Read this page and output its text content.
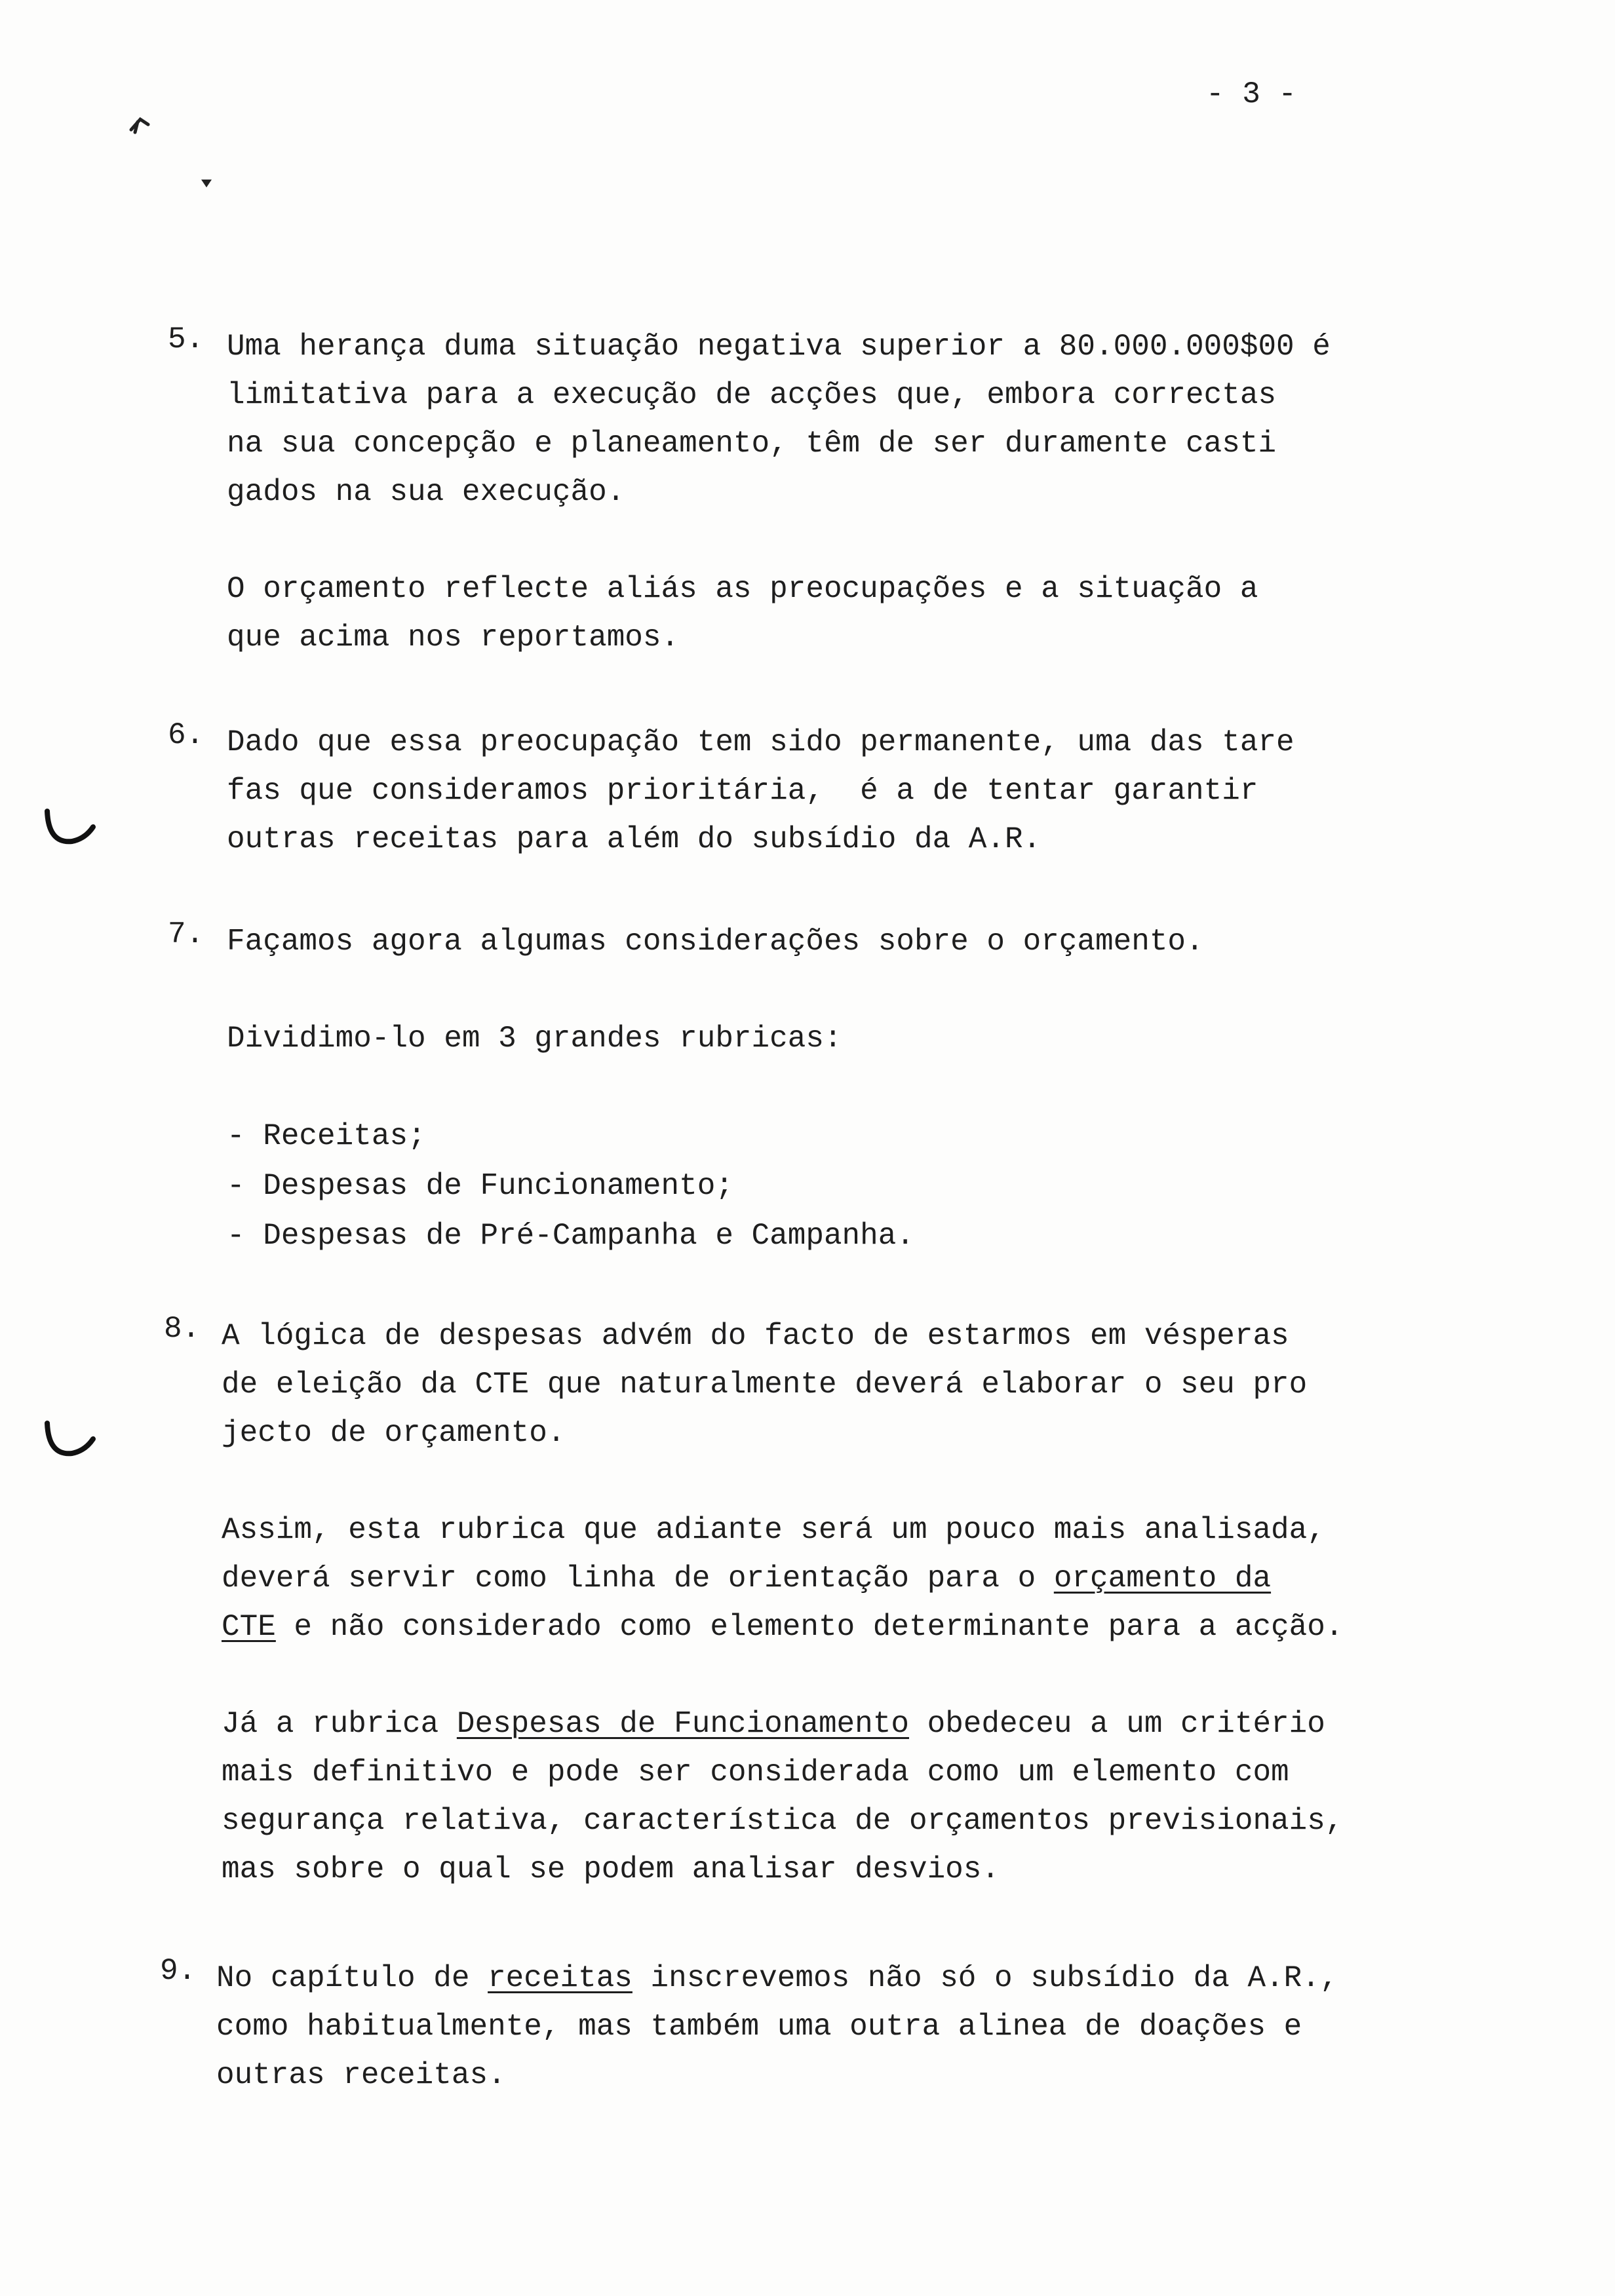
- 3 -
5. Uma herança duma situação negativa superior a 80.000.000$00 é

limitativa para a execução de acções que, embora correctas

na sua concepção e planeamento, têm de ser duramente casti

gados na sua execução.

O orçamento reflecte aliás as preocupações e a situação a

que acima nos reportamos.

6. Dado que essa preocupação tem sido permanente, uma das tare

fas que consideramos prioritária,  é a de tentar garantir

outras receitas para além do subsídio da A.R.

7. Façamos agora algumas considerações sobre o orçamento.

Dividimo-lo em 3 grandes rubricas:

- Receitas;
- Despesas de Funcionamento;
- Despesas de Pré-Campanha e Campanha.
8. A lógica de despesas advém do facto de estarmos em vésperas

de eleição da CTE que naturalmente deverá elaborar o seu pro

jecto de orçamento.

Assim, esta rubrica que adiante será um pouco mais analisada,

deverá servir como linha de orientação para o orçamento da

CTE e não considerado como elemento determinante para a acção.

Já a rubrica Despesas de Funcionamento obedeceu a um critério

mais definitivo e pode ser considerada como um elemento com

segurança relativa, característica de orçamentos previsionais,

mas sobre o qual se podem analisar desvios.

9. No capítulo de receitas inscrevemos não só o subsídio da A.R.,

como habitualmente, mas também uma outra alinea de doações e

outras receitas.
